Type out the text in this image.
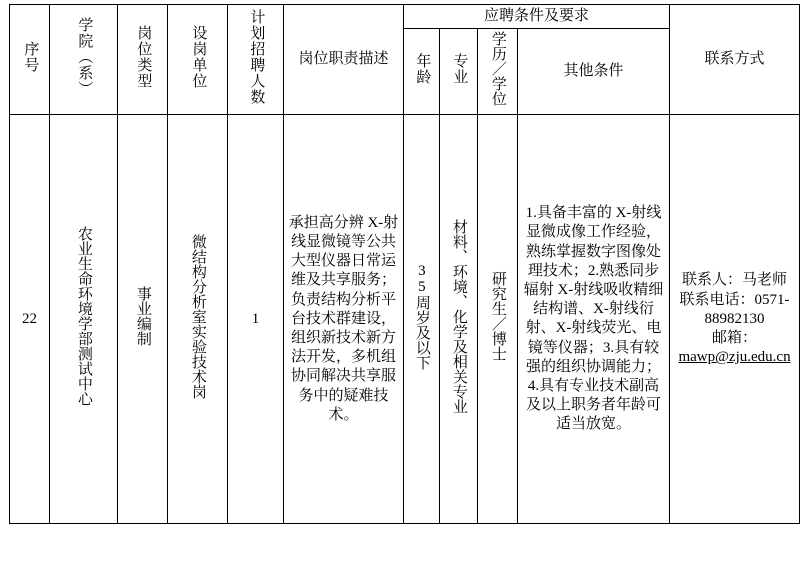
序号	学院（系）	岗位类型	设岗单位	计划招聘人数	岗位职责描述	应聘条件及要求				联系方式
						年龄	专业	学历／学位	其他条件	
22	农业生命环境学部测试中心	事业编制	微结构分析室实验技术岗	1	承担高分辨 X-射线显微镜等公共大型仪器日常运维及共享服务；负责结构分析平台技术群建设，组织新技术新方法开发，多机组协同解决共享服务中的疑难技术。	35周岁及以下	材料、环境、化学及相关专业	研究生／博士	1.具备丰富的 X-射线显微成像工作经验，熟练掌握数字图像处理技术；2.熟悉同步辐射 X-射线吸收精细结构谱、X-射线衍射、X-射线荧光、电镜等仪器；3.具有较强的组织协调能力；4.具有专业技术副高及以上职务者年龄可适当放宽。	联系人：马老师
联系电话：0571-88982130
邮箱：
mawp@zju.edu.cn
